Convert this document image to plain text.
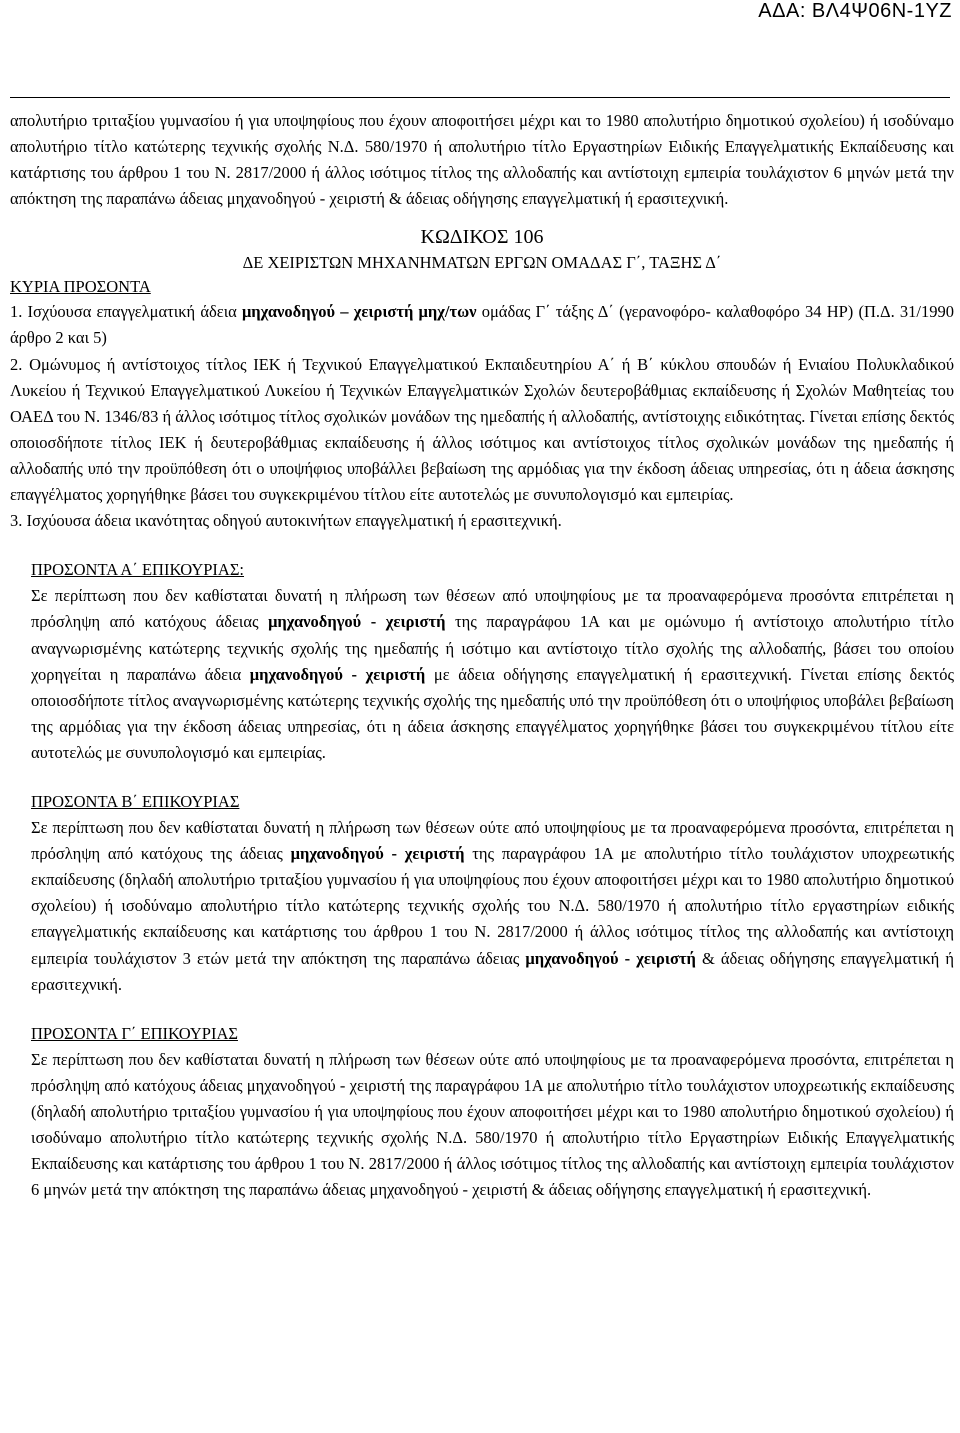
ΑΔΑ: ΒΛ4Ψ06Ν-1ΥΖ

απολυτήριο τριταξίου γυμνασίου ή για υποψηφίους που έχουν αποφοιτήσει μέχρι και το 1980 απολυτήριο δημοτικού σχολείου) ή ισοδύναμο απολυτήριο τίτλο κατώτερης τεχνικής σχολής Ν.Δ. 580/1970 ή απολυτήριο τίτλο Εργαστηρίων Ειδικής Επαγγελματικής Εκπαίδευσης και κατάρτισης του άρθρου 1 του Ν. 2817/2000 ή άλλος ισότιμος τίτλος της αλλοδαπής και αντίστοιχη εμπειρία τουλάχιστον 6 μηνών μετά την απόκτηση της παραπάνω άδειας μηχανοδηγού - χειριστή & άδειας οδήγησης επαγγελματική ή ερασιτεχνική.

ΚΩΔΙΚΟΣ 106

ΔΕ ΧΕΙΡΙΣΤΩΝ ΜΗΧΑΝΗΜΑΤΩΝ ΕΡΓΩΝ ΟΜΑΔΑΣ Γ΄, ΤΑΞΗΣ Δ΄

ΚΥΡΙΑ ΠΡΟΣΟΝΤΑ

1. Ισχύουσα επαγγελματική άδεια μηχανοδηγού – χειριστή μηχ/των ομάδας Γ΄ τάξης Δ΄ (γερανοφόρο- καλαθοφόρο 34 HP) (Π.Δ. 31/1990 άρθρο 2 και 5)

2. Ομώνυμος ή αντίστοιχος τίτλος ΙΕΚ ή Τεχνικού Επαγγελματικού Εκπαιδευτηρίου Α΄ ή Β΄ κύκλου σπουδών ή Ενιαίου Πολυκλαδικού Λυκείου ή Τεχνικού Επαγγελματικού Λυκείου ή Τεχνικών Επαγγελματικών Σχολών δευτεροβάθμιας εκπαίδευσης ή Σχολών Μαθητείας του ΟΑΕΔ του Ν. 1346/83 ή άλλος ισότιμος τίτλος σχολικών μονάδων της ημεδαπής ή αλλοδαπής, αντίστοιχης ειδικότητας. Γίνεται επίσης δεκτός οποιοσδήποτε τίτλος ΙΕΚ ή δευτεροβάθμιας εκπαίδευσης ή άλλος ισότιμος και αντίστοιχος τίτλος σχολικών μονάδων της ημεδαπής ή αλλοδαπής υπό την προϋπόθεση ότι ο υποψήφιος υποβάλλει βεβαίωση της αρμόδιας για την έκδοση άδειας υπηρεσίας, ότι η άδεια άσκησης επαγγέλματος χορηγήθηκε βάσει του συγκεκριμένου τίτλου είτε αυτοτελώς με συνυπολογισμό και εμπειρίας.

3. Ισχύουσα άδεια ικανότητας οδηγού αυτοκινήτων επαγγελματική ή ερασιτεχνική.

ΠΡΟΣΟΝΤΑ Α΄ ΕΠΙΚΟΥΡΙΑΣ:

Σε περίπτωση που δεν καθίσταται δυνατή η πλήρωση των θέσεων από υποψηφίους με τα προαναφερόμενα προσόντα επιτρέπεται η πρόσληψη από κατόχους άδειας μηχανοδηγού - χειριστή της παραγράφου 1Α και με ομώνυμο ή αντίστοιχο απολυτήριο τίτλο αναγνωρισμένης κατώτερης τεχνικής σχολής της ημεδαπής ή ισότιμο και αντίστοιχο τίτλο σχολής της αλλοδαπής, βάσει του οποίου χορηγείται η παραπάνω άδεια μηχανοδηγού - χειριστή με άδεια οδήγησης επαγγελματική ή ερασιτεχνική. Γίνεται επίσης δεκτός οποιοσδήποτε τίτλος αναγνωρισμένης κατώτερης τεχνικής σχολής της ημεδαπής υπό την προϋπόθεση ότι ο υποψήφιος υποβάλει βεβαίωση της αρμόδιας για την έκδοση άδειας υπηρεσίας, ότι η άδεια άσκησης επαγγέλματος χορηγήθηκε βάσει του συγκεκριμένου τίτλου είτε αυτοτελώς με συνυπολογισμό και εμπειρίας.

ΠΡΟΣΟΝΤΑ Β΄ ΕΠΙΚΟΥΡΙΑΣ

Σε περίπτωση που δεν καθίσταται δυνατή η πλήρωση των θέσεων ούτε από υποψηφίους με τα προαναφερόμενα προσόντα, επιτρέπεται η πρόσληψη από κατόχους της άδειας μηχανοδηγού - χειριστή της παραγράφου 1Α με απολυτήριο τίτλο τουλάχιστον υποχρεωτικής εκπαίδευσης (δηλαδή απολυτήριο τριταξίου γυμνασίου ή για υποψηφίους που έχουν αποφοιτήσει μέχρι και το 1980 απολυτήριο δημοτικού σχολείου) ή ισοδύναμο απολυτήριο τίτλο κατώτερης τεχνικής σχολής του Ν.Δ. 580/1970 ή απολυτήριο τίτλο εργαστηρίων ειδικής επαγγελματικής εκπαίδευσης και κατάρτισης του άρθρου 1 του Ν. 2817/2000 ή άλλος ισότιμος τίτλος της αλλοδαπής και αντίστοιχη εμπειρία τουλάχιστον 3 ετών μετά την απόκτηση της παραπάνω άδειας μηχανοδηγού - χειριστή & άδειας οδήγησης επαγγελματική ή ερασιτεχνική.

ΠΡΟΣΟΝΤΑ Γ΄ ΕΠΙΚΟΥΡΙΑΣ

Σε περίπτωση που δεν καθίσταται δυνατή η πλήρωση των θέσεων ούτε από υποψηφίους με τα προαναφερόμενα προσόντα, επιτρέπεται η πρόσληψη από κατόχους άδειας μηχανοδηγού - χειριστή της παραγράφου 1Α με απολυτήριο τίτλο τουλάχιστον υποχρεωτικής εκπαίδευσης (δηλαδή απολυτήριο τριταξίου γυμνασίου ή για υποψηφίους που έχουν αποφοιτήσει μέχρι και το 1980 απολυτήριο δημοτικού σχολείου) ή ισοδύναμο απολυτήριο τίτλο κατώτερης τεχνικής σχολής Ν.Δ. 580/1970 ή απολυτήριο τίτλο Εργαστηρίων Ειδικής Επαγγελματικής Εκπαίδευσης και κατάρτισης του άρθρου 1 του Ν. 2817/2000 ή άλλος ισότιμος τίτλος της αλλοδαπής και αντίστοιχη εμπειρία τουλάχιστον 6 μηνών μετά την απόκτηση της παραπάνω άδειας μηχανοδηγού - χειριστή & άδειας οδήγησης επαγγελματική ή ερασιτεχνική.
